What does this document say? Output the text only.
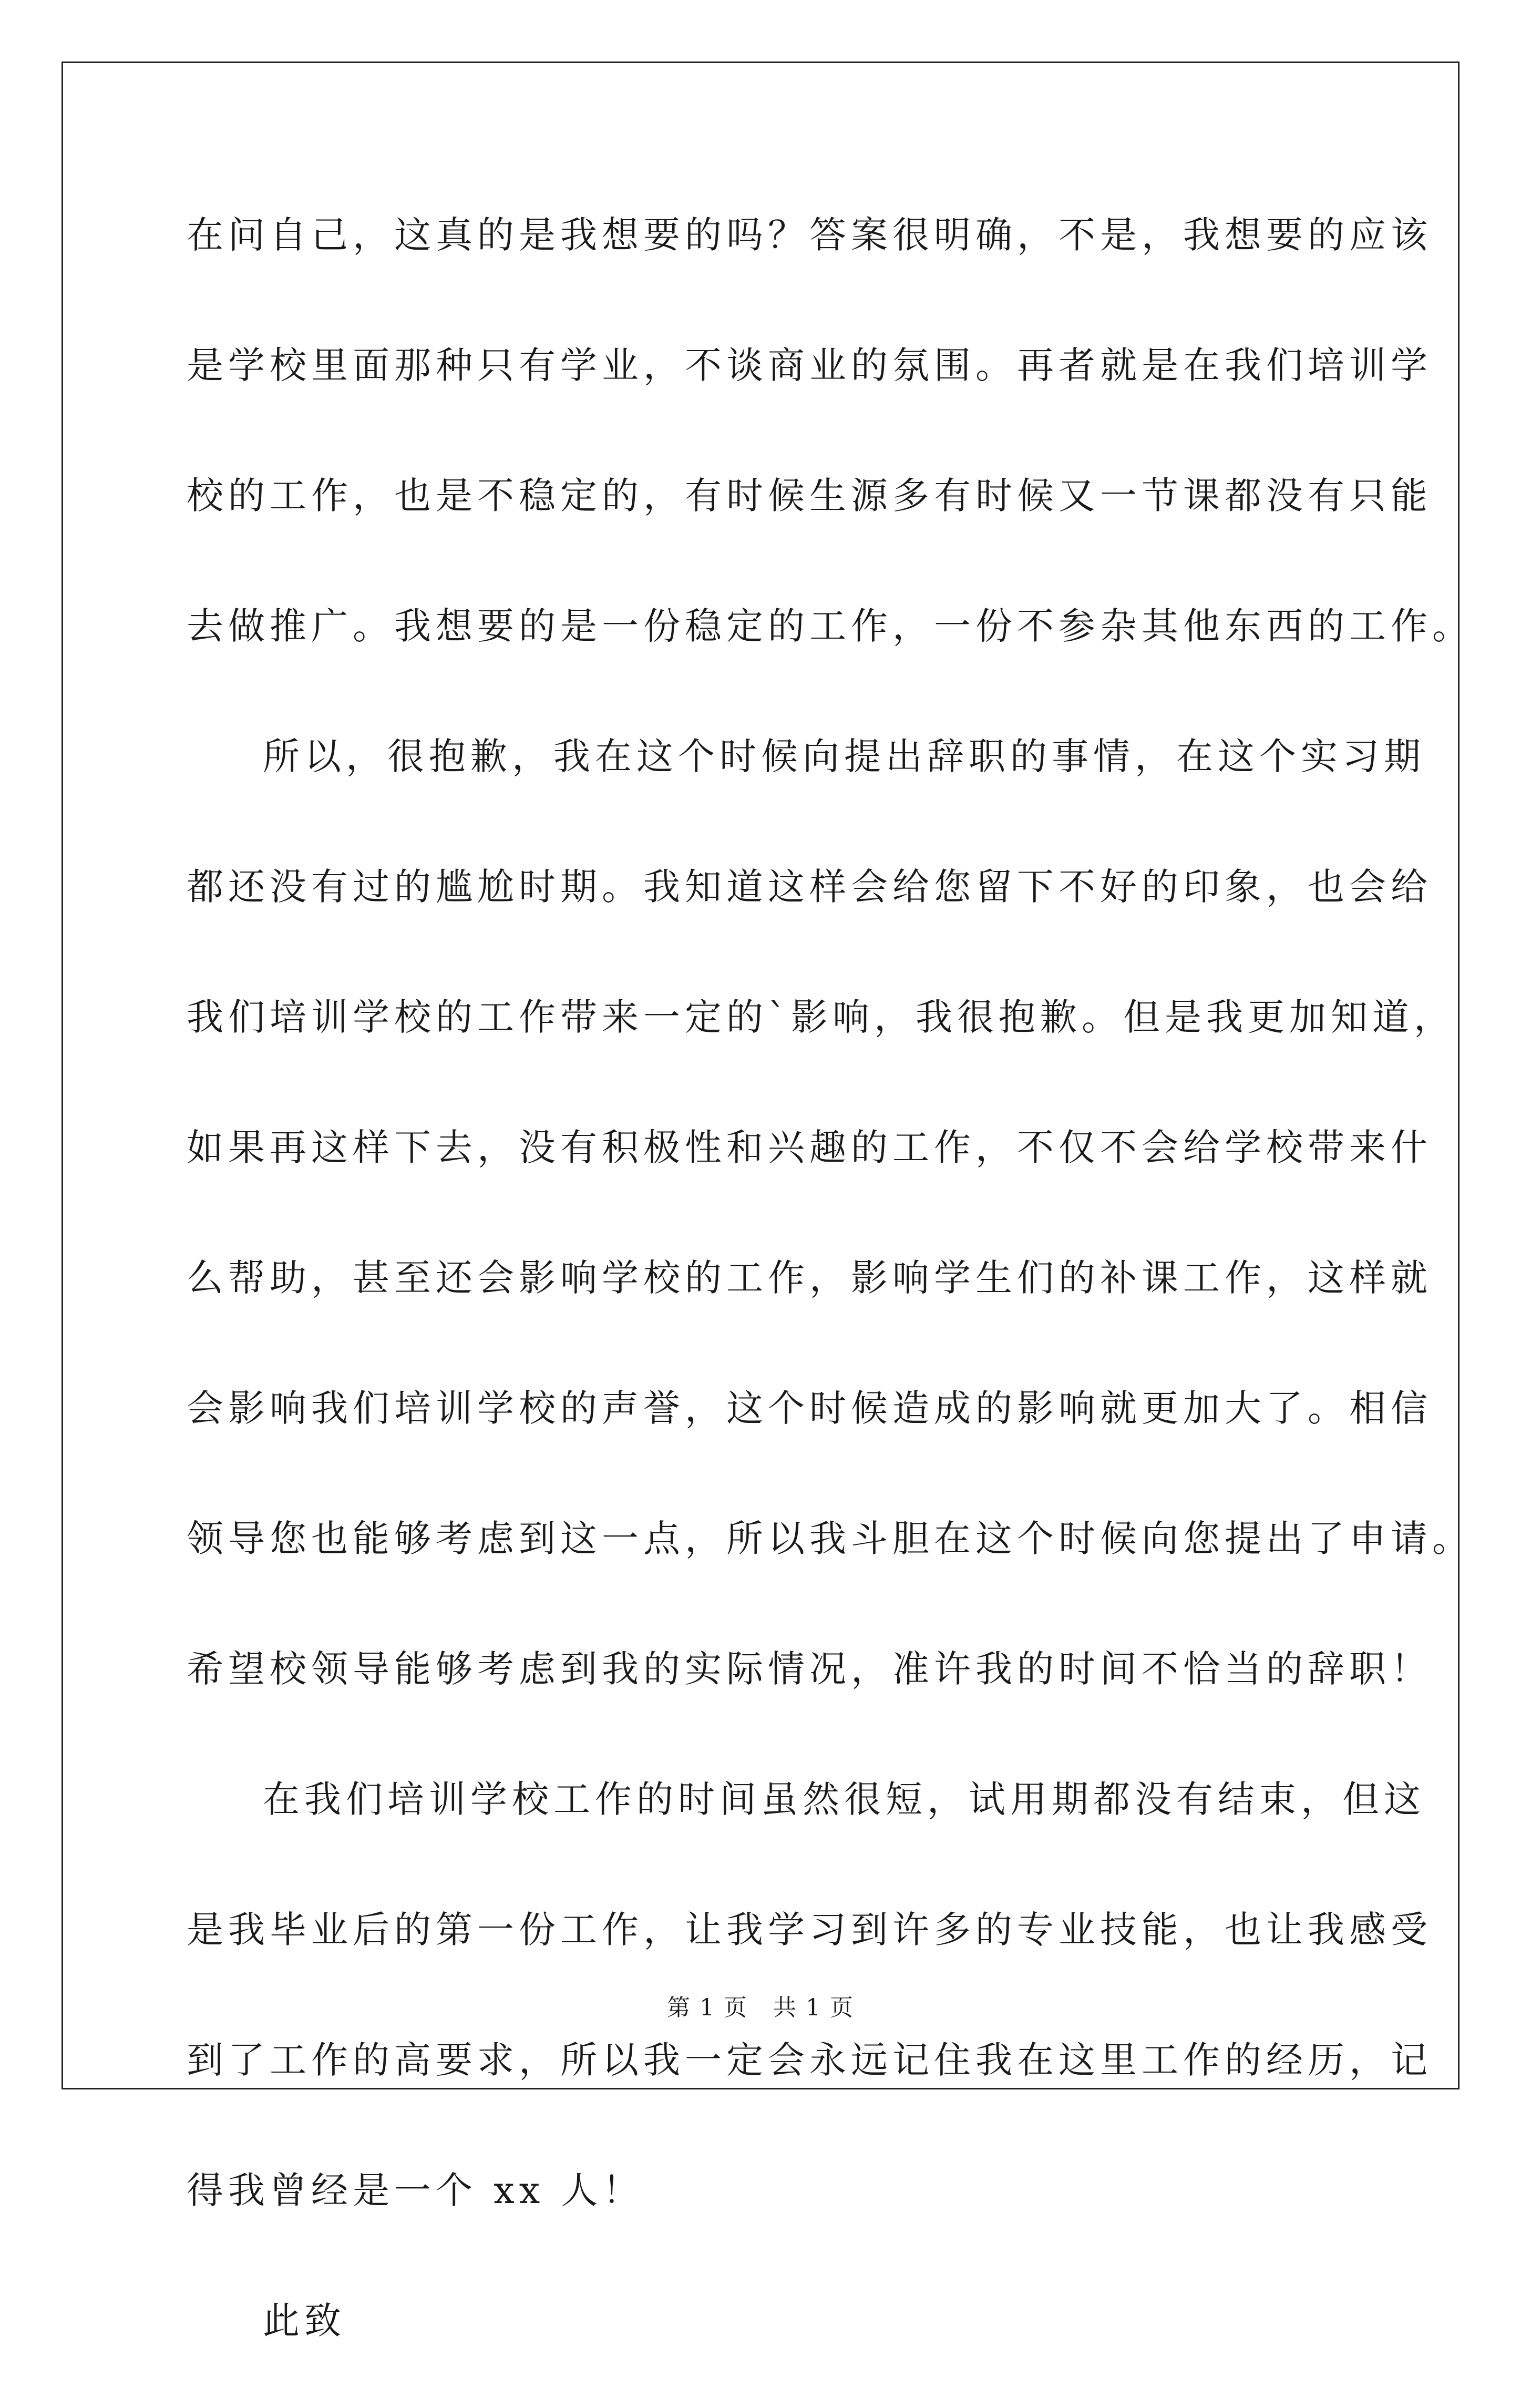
在问自己，这真的是我想要的吗？答案很明确，不是，我想要的应该
是学校里面那种只有学业，不谈商业的氛围。再者就是在我们培训学
校的工作，也是不稳定的，有时候生源多有时候又一节课都没有只能
去做推广。我想要的是一份稳定的工作，一份不参杂其他东西的工作。
所以，很抱歉，我在这个时候向提出辞职的事情，在这个实习期
都还没有过的尴尬时期。我知道这样会给您留下不好的印象，也会给
我们培训学校的工作带来一定的`影响，我很抱歉。但是我更加知道，
如果再这样下去，没有积极性和兴趣的工作，不仅不会给学校带来什
么帮助，甚至还会影响学校的工作，影响学生们的补课工作，这样就
会影响我们培训学校的声誉，这个时候造成的影响就更加大了。相信
领导您也能够考虑到这一点，所以我斗胆在这个时候向您提出了申请。
希望校领导能够考虑到我的实际情况，准许我的时间不恰当的辞职！
在我们培训学校工作的时间虽然很短，试用期都没有结束，但这
是我毕业后的第一份工作，让我学习到许多的专业技能，也让我感受
到了工作的高要求，所以我一定会永远记住我在这里工作的经历，记
得我曾经是一个 xx 人！
此致
第 1 页 共 1 页
